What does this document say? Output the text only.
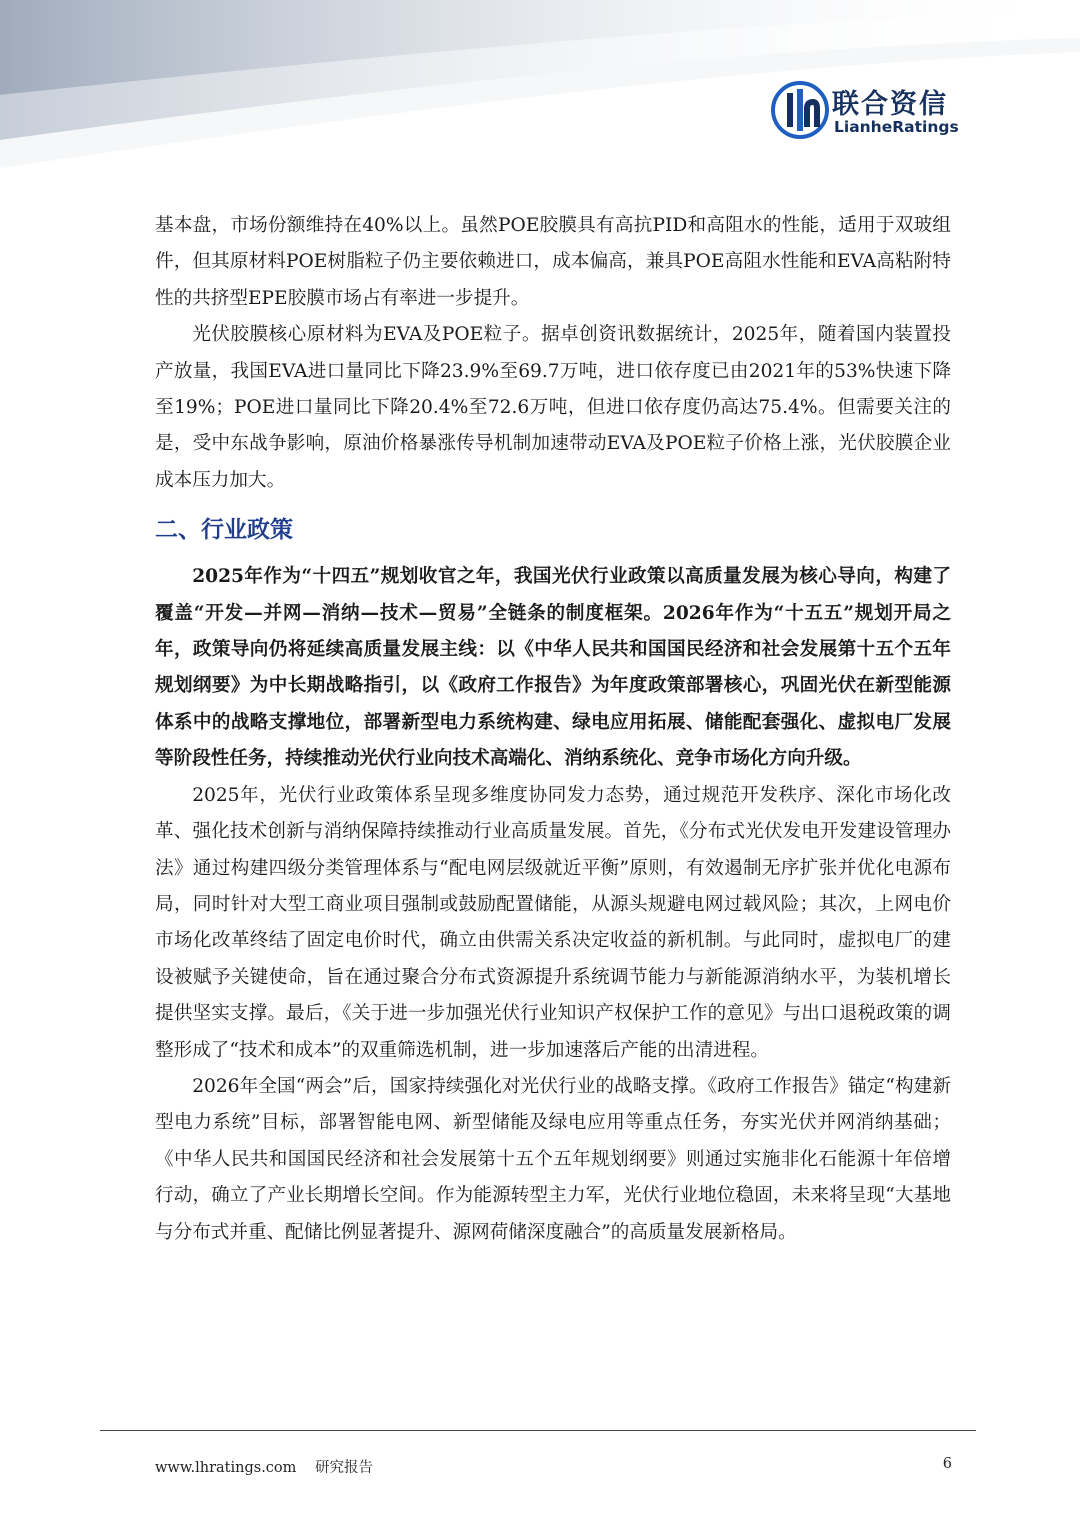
联合资信
LianheRatings

基本盘，市场份额维持在40%以上。虽然POE胶膜具有高抗PID和高阻水的性能，适用于双玻组件，但其原材料POE树脂粒子仍主要依赖进口，成本偏高，兼具POE高阻水性能和EVA高粘附特性的共挤型EPE胶膜市场占有率进一步提升。

光伏胶膜核心原材料为EVA及POE粒子。据卓创资讯数据统计，2025年，随着国内装置投产放量，我国EVA进口量同比下降23.9%至69.7万吨，进口依存度已由2021年的53%快速下降至19%；POE进口量同比下降20.4%至72.6万吨，但进口依存度仍高达75.4%。但需要关注的是，受中东战争影响，原油价格暴涨传导机制加速带动EVA及POE粒子价格上涨，光伏胶膜企业成本压力加大。

二、行业政策

2025年作为“十四五”规划收官之年，我国光伏行业政策以高质量发展为核心导向，构建了覆盖“开发—并网—消纳—技术—贸易”全链条的制度框架。2026年作为“十五五”规划开局之年，政策导向仍将延续高质量发展主线：以《中华人民共和国国民经济和社会发展第十五个五年规划纲要》为中长期战略指引，以《政府工作报告》为年度政策部署核心，巩固光伏在新型能源体系中的战略支撑地位，部署新型电力系统构建、绿电应用拓展、储能配套强化、虚拟电厂发展等阶段性任务，持续推动光伏行业向技术高端化、消纳系统化、竞争市场化方向升级。

2025年，光伏行业政策体系呈现多维度协同发力态势，通过规范开发秩序、深化市场化改革、强化技术创新与消纳保障持续推动行业高质量发展。首先，《分布式光伏发电开发建设管理办法》通过构建四级分类管理体系与“配电网层级就近平衡”原则，有效遏制无序扩张并优化电源布局，同时针对大型工商业项目强制或鼓励配置储能，从源头规避电网过载风险；其次，上网电价市场化改革终结了固定电价时代，确立由供需关系决定收益的新机制。与此同时，虚拟电厂的建设被赋予关键使命，旨在通过聚合分布式资源提升系统调节能力与新能源消纳水平，为装机增长提供坚实支撑。最后，《关于进一步加强光伏行业知识产权保护工作的意见》与出口退税政策的调整形成了“技术和成本”的双重筛选机制，进一步加速落后产能的出清进程。

2026年全国“两会”后，国家持续强化对光伏行业的战略支撑。《政府工作报告》锚定“构建新型电力系统”目标，部署智能电网、新型储能及绿电应用等重点任务，夯实光伏并网消纳基础；《中华人民共和国国民经济和社会发展第十五个五年规划纲要》则通过实施非化石能源十年倍增行动，确立了产业长期增长空间。作为能源转型主力军，光伏行业地位稳固，未来将呈现“大基地与分布式并重、配储比例显著提升、源网荷储深度融合”的高质量发展新格局。

www.lhratings.com 研究报告	6
